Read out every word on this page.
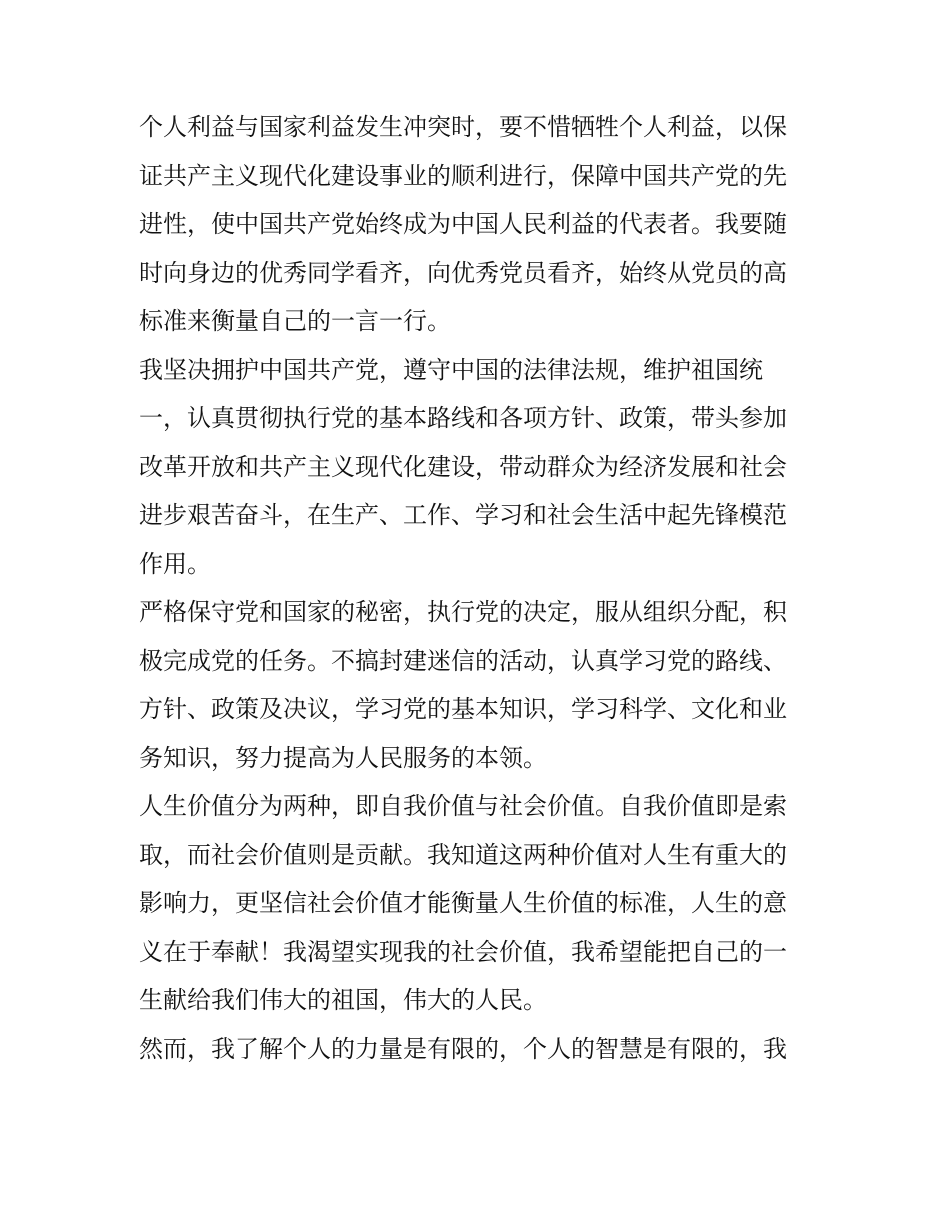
个人利益与国家利益发生冲突时，要不惜牺牲个人利益，以保
证共产主义现代化建设事业的顺利进行，保障中国共产党的先
进性，使中国共产党始终成为中国人民利益的代表者。我要随
时向身边的优秀同学看齐，向优秀党员看齐，始终从党员的高
标准来衡量自己的一言一行。

我坚决拥护中国共产党，遵守中国的法律法规，维护祖国统
一，认真贯彻执行党的基本路线和各项方针、政策，带头参加
改革开放和共产主义现代化建设，带动群众为经济发展和社会
进步艰苦奋斗，在生产、工作、学习和社会生活中起先锋模范
作用。

严格保守党和国家的秘密，执行党的决定，服从组织分配，积
极完成党的任务。不搞封建迷信的活动，认真学习党的路线、
方针、政策及决议，学习党的基本知识，学习科学、文化和业
务知识，努力提高为人民服务的本领。

人生价值分为两种，即自我价值与社会价值。自我价值即是索
取，而社会价值则是贡献。我知道这两种价值对人生有重大的
影响力，更坚信社会价值才能衡量人生价值的标准，人生的意
义在于奉献！我渴望实现我的社会价值，我希望能把自己的一
生献给我们伟大的祖国，伟大的人民。

然而，我了解个人的力量是有限的，个人的智慧是有限的，我
